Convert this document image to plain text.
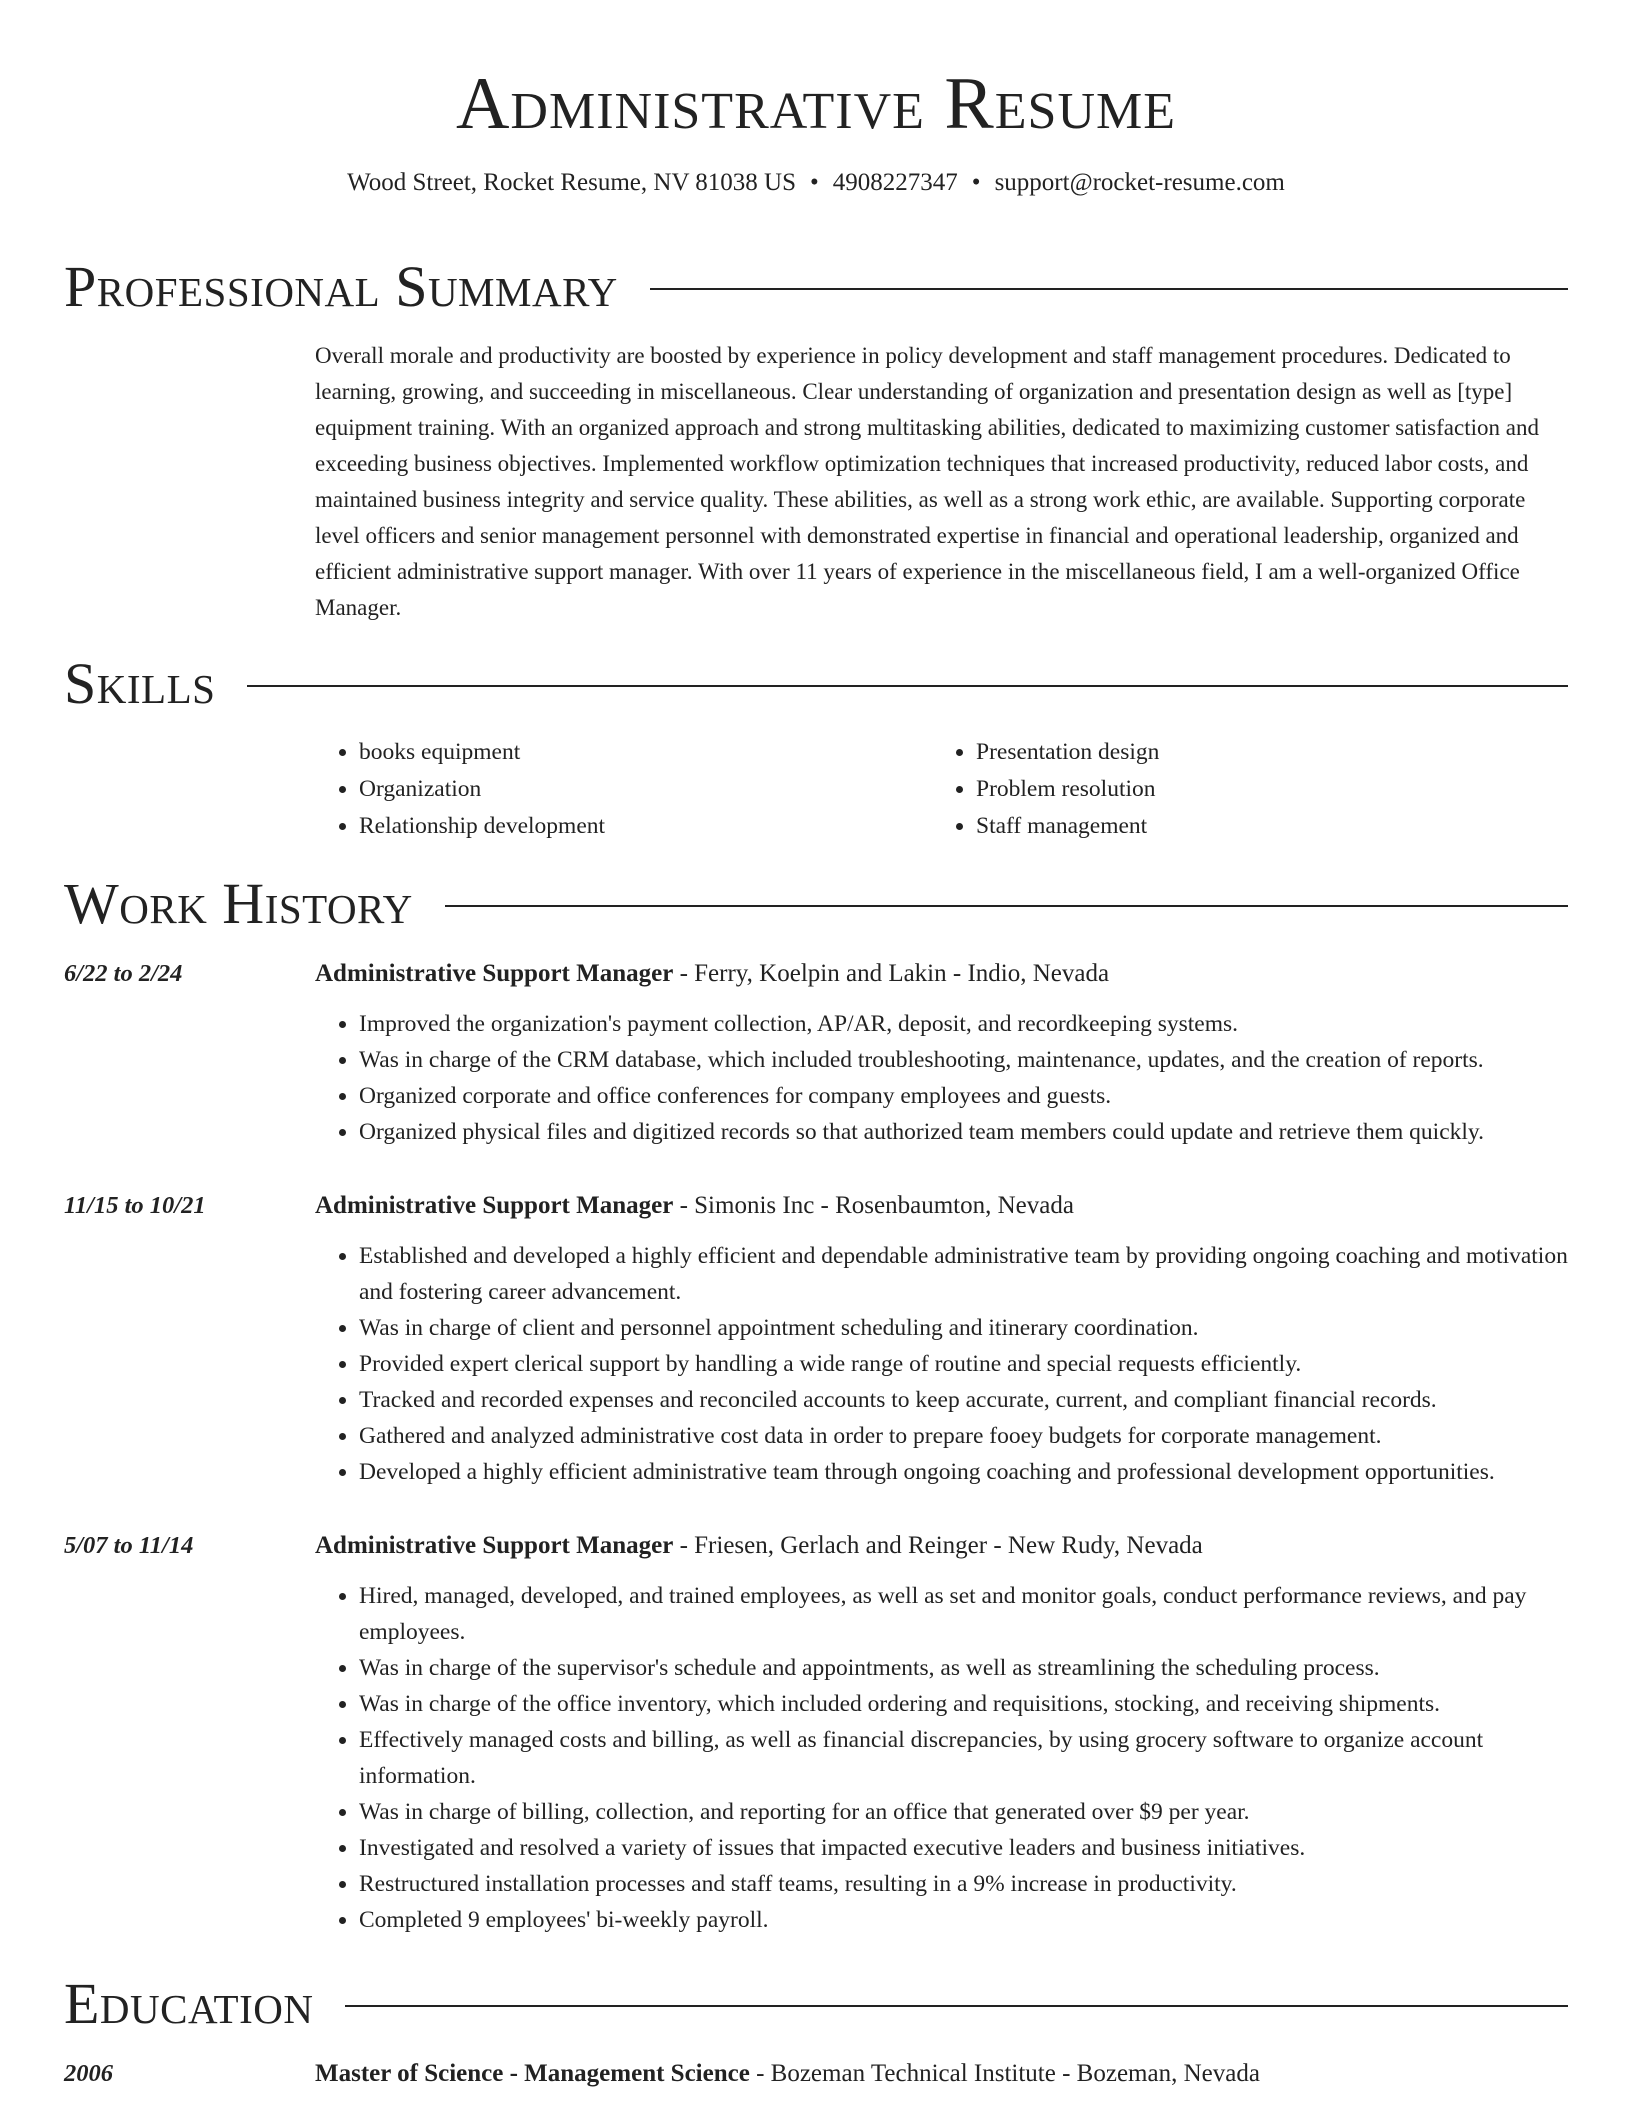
Administrative Resume
Wood Street, Rocket Resume, NV 81038 US • 4908227347 • support@rocket-resume.com
Professional Summary

Overall morale and productivity are boosted by experience in policy development and staff management procedures. Dedicated to learning, growing, and succeeding in miscellaneous. Clear understanding of organization and presentation design as well as [type] equipment training. With an organized approach and strong multitasking abilities, dedicated to maximizing customer satisfaction and exceeding business objectives. Implemented workflow optimization techniques that increased productivity, reduced labor costs, and maintained business integrity and service quality. These abilities, as well as a strong work ethic, are available. Supporting corporate level officers and senior management personnel with demonstrated expertise in financial and operational leadership, organized and efficient administrative support manager. With over 11 years of experience in the miscellaneous field, I am a well-organized Office Manager.

Skills
• books equipment
• Organization
• Relationship development
• Presentation design
• Problem resolution
• Staff management
Work History
6/22 to 2/24	Administrative Support Manager - Ferry, Koelpin and Lakin - Indio, Nevada
• Improved the organization's payment collection, AP/AR, deposit, and recordkeeping systems.
• Was in charge of the CRM database, which included troubleshooting, maintenance, updates, and the creation of reports.
• Organized corporate and office conferences for company employees and guests.
• Organized physical files and digitized records so that authorized team members could update and retrieve them quickly.
11/15 to 10/21	Administrative Support Manager - Simonis Inc - Rosenbaumton, Nevada
• Established and developed a highly efficient and dependable administrative team by providing ongoing coaching and motivation and fostering career advancement.
• Was in charge of client and personnel appointment scheduling and itinerary coordination.
• Provided expert clerical support by handling a wide range of routine and special requests efficiently.
• Tracked and recorded expenses and reconciled accounts to keep accurate, current, and compliant financial records.
• Gathered and analyzed administrative cost data in order to prepare fooey budgets for corporate management.
• Developed a highly efficient administrative team through ongoing coaching and professional development opportunities.
5/07 to 11/14	Administrative Support Manager - Friesen, Gerlach and Reinger - New Rudy, Nevada
• Hired, managed, developed, and trained employees, as well as set and monitor goals, conduct performance reviews, and pay employees.
• Was in charge of the supervisor's schedule and appointments, as well as streamlining the scheduling process.
• Was in charge of the office inventory, which included ordering and requisitions, stocking, and receiving shipments.
• Effectively managed costs and billing, as well as financial discrepancies, by using grocery software to organize account information.
• Was in charge of billing, collection, and reporting for an office that generated over $9 per year.
• Investigated and resolved a variety of issues that impacted executive leaders and business initiatives.
• Restructured installation processes and staff teams, resulting in a 9% increase in productivity.
• Completed 9 employees' bi-weekly payroll.
Education
2006	Master of Science - Management Science - Bozeman Technical Institute - Bozeman, Nevada
